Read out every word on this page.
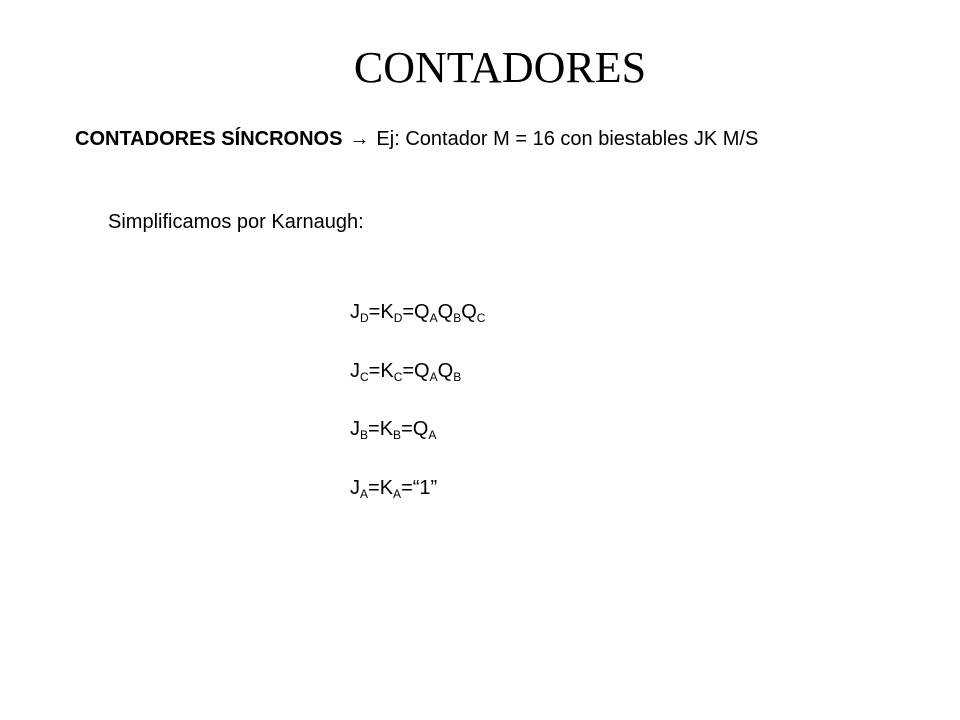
CONTADORES
CONTADORES SÍNCRONOS → Ej: Contador M = 16 con biestables JK M/S
Simplificamos por Karnaugh:
$J_D=K_D=Q_AQ_BQ_C$
$J_C=K_C=Q_AQ_B$
$J_B=K_B=Q_A$
$J_A=K_A=“1$”
